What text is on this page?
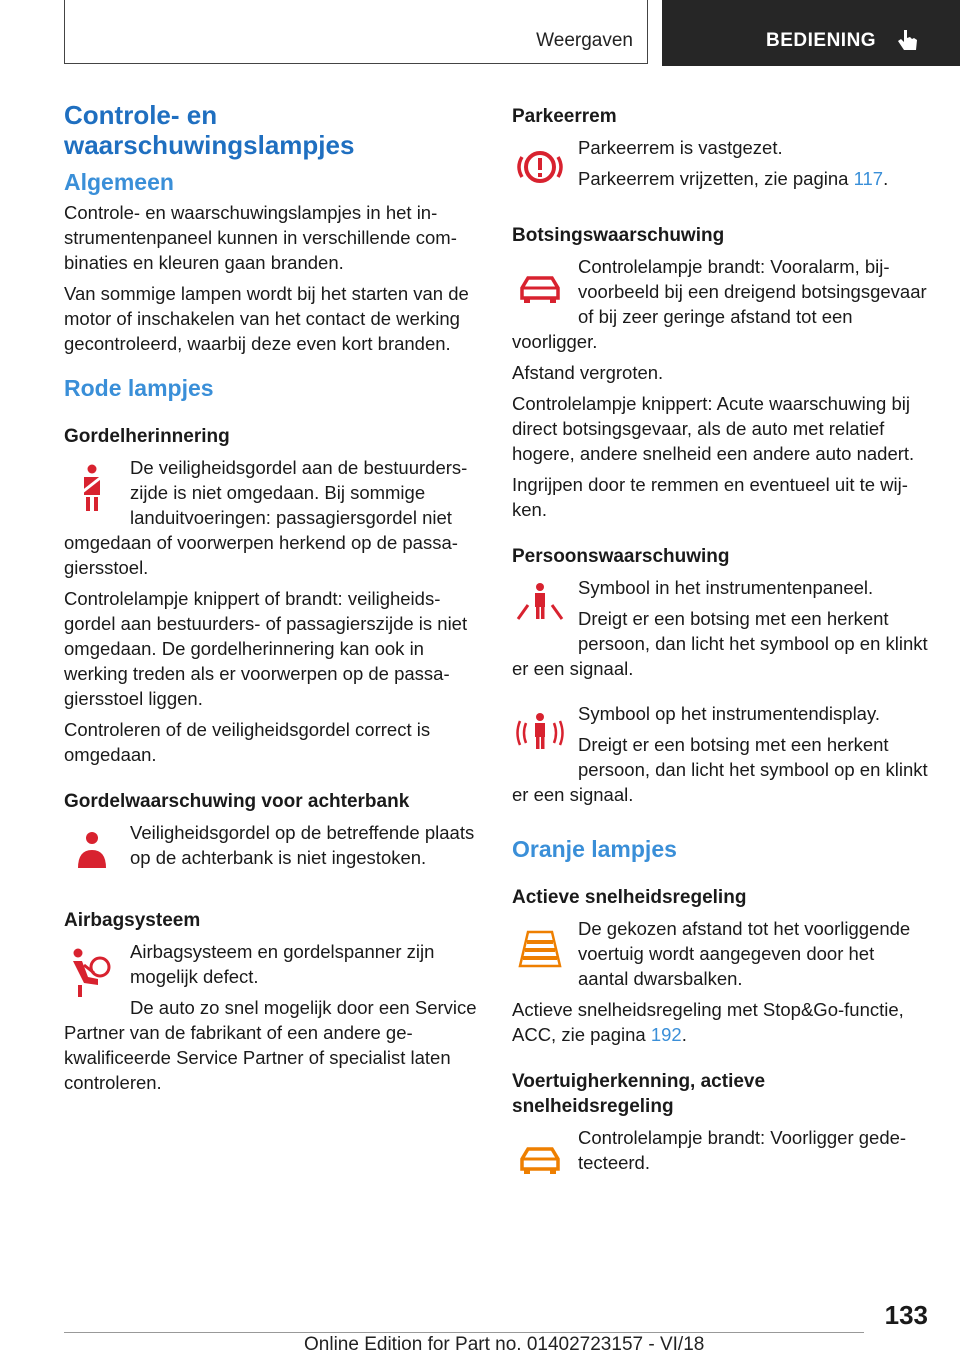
Weergaven	BEDIENING
Controle- en waarschuwingslampjes
Algemeen

Controle- en waarschuwingslampjes in het instrumentenpaneel kunnen in verschillende combinaties en kleuren gaan branden.

Van sommige lampen wordt bij het starten van de motor of inschakelen van het contact de werking gecontroleerd, waarbij deze even kort branden.

Rode lampjes
Gordelherinnering

De veiligheidsgordel aan de bestuurderszijde is niet omgedaan. Bij sommige landuitvoeringen: passagiersgordel niet omgedaan of voorwerpen herkend op de passagiersstoel.

Controlelampje knippert of brandt: veiligheidsgordel aan bestuurders- of passagierszijde is niet omgedaan. De gordelherinnering kan ook in werking treden als er voorwerpen op de passagiersstoel liggen.

Controleren of de veiligheidsgordel correct is omgedaan.

Gordelwaarschuwing voor achterbank

Veiligheidsgordel op de betreffende plaats op de achterbank is niet ingestoken.

Airbagsysteem

Airbagsysteem en gordelspanner zijn mogelijk defect.

De auto zo snel mogelijk door een Service Partner van de fabrikant of een andere gekwalificeerde Service Partner of specialist laten controleren.

Parkeerrem

Parkeerrem is vastgezet.

Parkeerrem vrijzetten, zie pagina 117.

Botsingswaarschuwing

Controlelampje brandt: Vooralarm, bijvoorbeeld bij een dreigend botsingsgevaar of bij zeer geringe afstand tot een voorligger.

Afstand vergroten.

Controlelampje knippert: Acute waarschuwing bij direct botsingsgevaar, als de auto met relatief hogere, andere snelheid een andere auto nadert.

Ingrijpen door te remmen en eventueel uit te wijken.

Persoonswaarschuwing

Symbool in het instrumentenpaneel.

Dreigt er een botsing met een herkent persoon, dan licht het symbool op en klinkt er een signaal.

Symbool op het instrumentendisplay.

Dreigt er een botsing met een herkent persoon, dan licht het symbool op en klinkt er een signaal.

Oranje lampjes
Actieve snelheidsregeling

De gekozen afstand tot het voorliggende voertuig wordt aangegeven door het aantal dwarsbalken.

Actieve snelheidsregeling met Stop&Go-functie, ACC, zie pagina 192.

Voertuigherkenning, actieve snelheidsregeling

Controlelampje brandt: Voorligger gedetecteerd.

133
Online Edition for Part no. 01402723157 - VI/18
